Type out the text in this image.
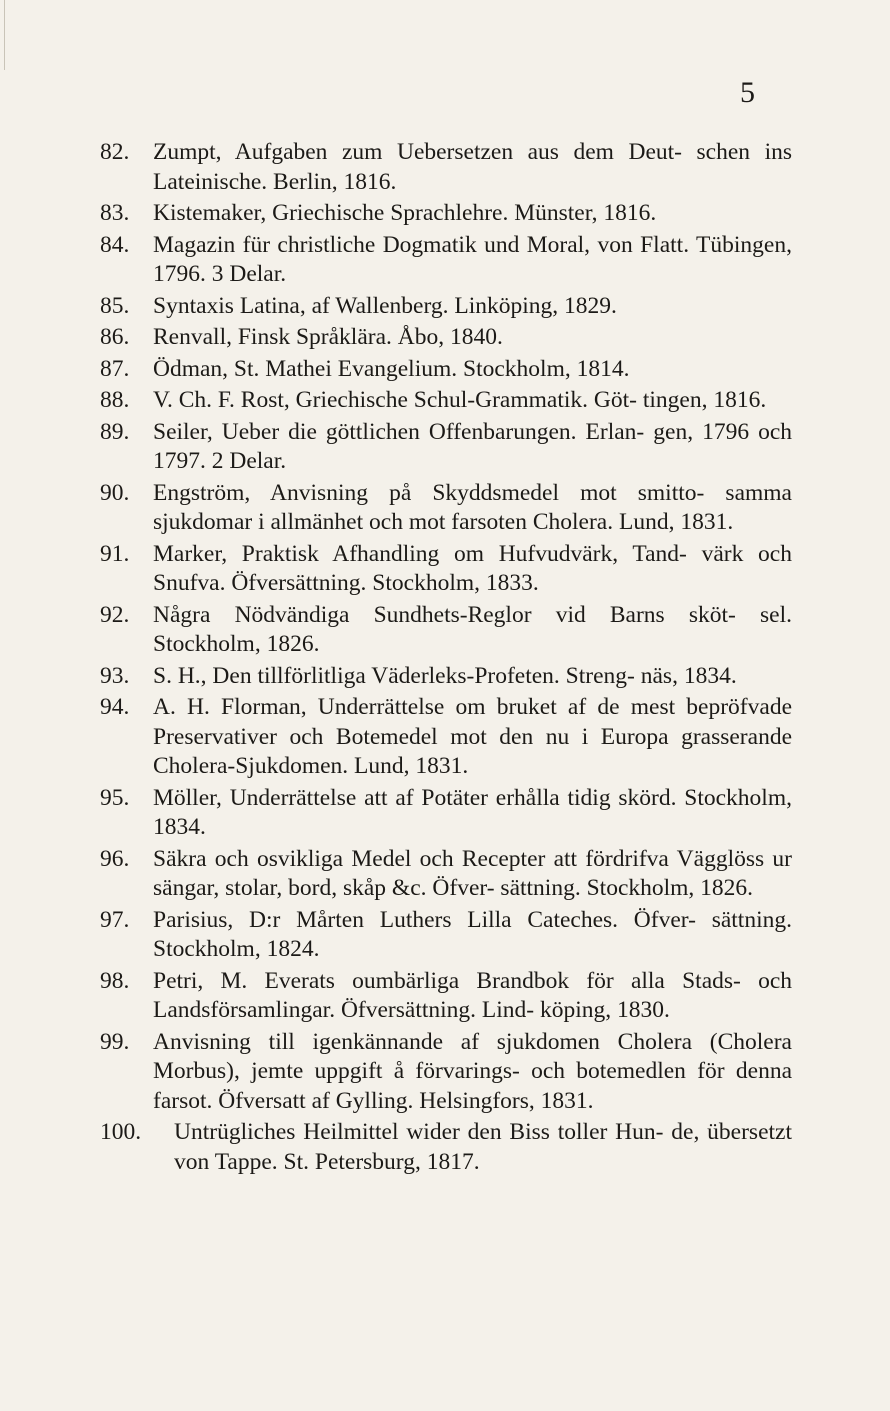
5
82. Zumpt, Aufgaben zum Uebersetzen aus dem Deut- schen ins Lateinische. Berlin, 1816.
83. Kistemaker, Griechische Sprachlehre. Münster, 1816.
84. Magazin für christliche Dogmatik und Moral, von Flatt. Tübingen, 1796. 3 Delar.
85. Syntaxis Latina, af Wallenberg. Linköping, 1829.
86. Renvall, Finsk Språklära. Åbo, 1840.
87. Ödman, St. Mathei Evangelium. Stockholm, 1814.
88. V. Ch. F. Rost, Griechische Schul-Grammatik. Göt- tingen, 1816.
89. Seiler, Ueber die göttlichen Offenbarungen. Erlan- gen, 1796 och 1797. 2 Delar.
90. Engström, Anvisning på Skyddsmedel mot smitto- samma sjukdomar i allmänhet och mot farsoten Cholera. Lund, 1831.
91. Marker, Praktisk Afhandling om Hufvudvärk, Tand- värk och Snufva. Öfversättning. Stockholm, 1833.
92. Några Nödvändiga Sundhets-Reglor vid Barns sköt- sel. Stockholm, 1826.
93. S. H., Den tillförlitliga Väderleks-Profeten. Streng- näs, 1834.
94. A. H. Florman, Underrättelse om bruket af de mest bepröfvade Preservativer och Botemedel mot den nu i Europa grasserande Cholera-Sjukdomen. Lund, 1831.
95. Möller, Underrättelse att af Potäter erhålla tidig skörd. Stockholm, 1834.
96. Säkra och osvikliga Medel och Recepter att fördrifva Vägglöss ur sängar, stolar, bord, skåp &c. Öfver- sättning. Stockholm, 1826.
97. Parisius, D:r Mårten Luthers Lilla Cateches. Öfver- sättning. Stockholm, 1824.
98. Petri, M. Everats oumbärliga Brandbok för alla Stads- och Landsförsamlingar. Öfversättning. Lind- köping, 1830.
99. Anvisning till igenkännande af sjukdomen Cholera (Cholera Morbus), jemte uppgift å förvarings- och botemedlen för denna farsot. Öfversatt af Gylling. Helsingfors, 1831.
100. Untrügliches Heilmittel wider den Biss toller Hun- de, übersetzt von Tappe. St. Petersburg, 1817.
